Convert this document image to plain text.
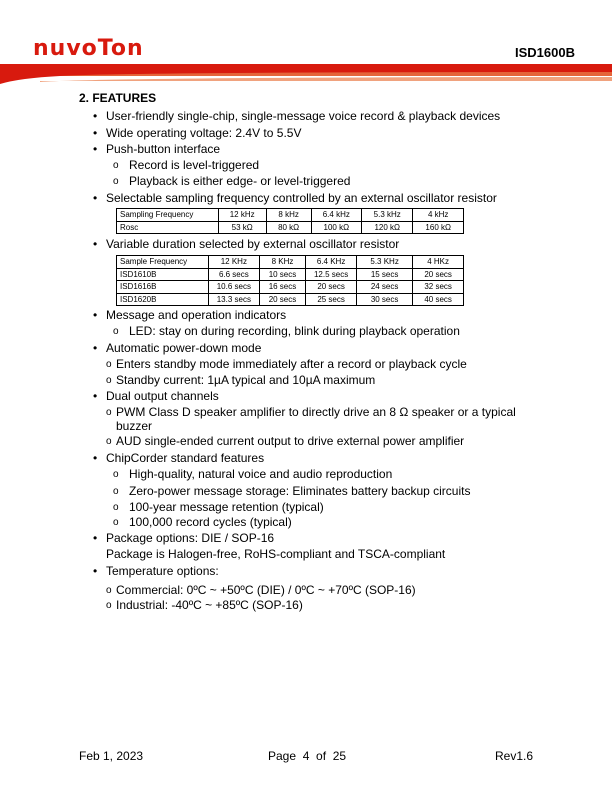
nuvoTon	ISD1600B
2. FEATURES
• User-friendly single-chip, single-message voice record & playback devices
• Wide operating voltage: 2.4V to 5.5V
• Push-button interface
o Record is level-triggered
o Playback is either edge- or level-triggered
• Selectable sampling frequency controlled by an external oscillator resistor
• Variable duration selected by external oscillator resistor
• Message and operation indicators
o LED: stay on during recording, blink during playback operation
• Automatic power-down mode
o Enters standby mode immediately after a record or playback cycle
o Standby current: 1µA typical and 10µA maximum
• Dual output channels
o PWM Class D speaker amplifier to directly drive an 8 Ω speaker or a typical
buzzer
o AUD single-ended current output to drive external power amplifier
• ChipCorder standard features
o High-quality, natural voice and audio reproduction
o Zero-power message storage: Eliminates battery backup circuits
o 100-year message retention (typical)
o 100,000 record cycles (typical)
• Package options: DIE / SOP-16
Package is Halogen-free, RoHS-compliant and TSCA-compliant
• Temperature options:
o Commercial: 0ºC ~ +50ºC (DIE) / 0ºC ~ +70ºC (SOP-16)
o Industrial: -40ºC ~ +85ºC (SOP-16)
Sampling Frequency	12 kHz	8 kHz	6.4 kHz	5.3 kHz	4 kHz
Rosc	53 kΩ	80 kΩ	100 kΩ	120 kΩ	160 kΩ
Sample Frequency	12 KHz	8 KHz	6.4 KHz	5.3 KHz	4 HKz
ISD1610B	6.6 secs	10 secs	12.5 secs	15 secs	20 secs
ISD1616B	10.6 secs	16 secs	20 secs	24 secs	32 secs
ISD1620B	13.3 secs	20 secs	25 secs	30 secs	40 secs
Feb 1, 2023	Page  4  of  25	Rev1.6
